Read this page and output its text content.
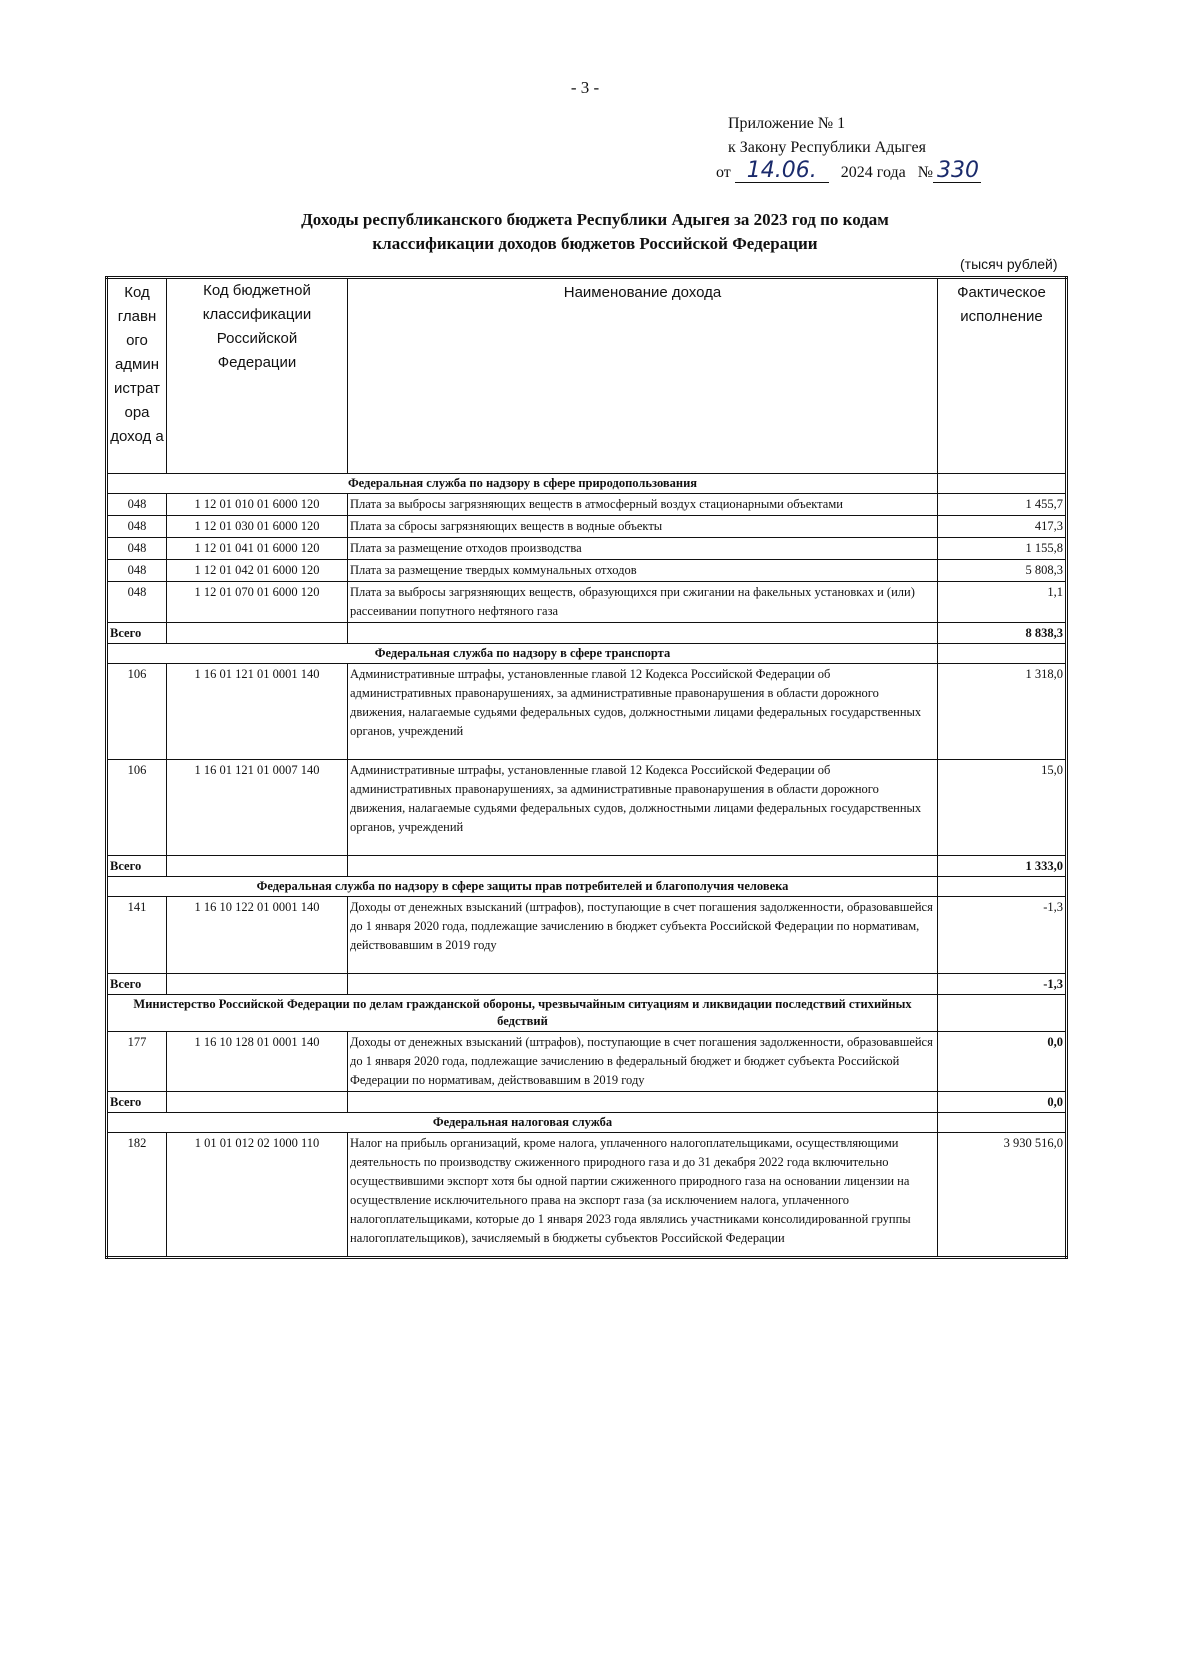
- 3 -
Приложение № 1
к Закону Республики Адыгея
от 14.06. 2024 года № 330
Доходы республиканского бюджета Республики Адыгея за 2023 год по кодам
классификации доходов бюджетов Российской Федерации
(тысяч рублей)
Код главн ого админ истрат ора доход а	Код бюджетной классификации Российской Федерации	Наименование дохода	Фактическое исполнение
Федеральная служба по надзору в сфере природопользования			
048	1 12 01 010 01 6000 120	Плата за выбросы загрязняющих веществ в атмосферный воздух стационарными объектами	1 455,7
048	1 12 01 030 01 6000 120	Плата за сбросы загрязняющих веществ в водные объекты	417,3
048	1 12 01 041 01 6000 120	Плата за размещение отходов производства	1 155,8
048	1 12 01 042 01 6000 120	Плата за размещение твердых коммунальных отходов	5 808,3
048	1 12 01 070 01 6000 120	Плата за выбросы загрязняющих веществ, образующихся при сжигании на факельных установках и (или) рассеивании попутного нефтяного газа	1,1
Всего			8 838,3
Федеральная служба по надзору в сфере транспорта			
106	1 16 01 121 01 0001 140	Административные штрафы, установленные главой 12 Кодекса Российской Федерации об административных правонарушениях, за административные правонарушения в области дорожного движения, налагаемые судьями федеральных судов, должностными лицами федеральных государственных органов, учреждений	1 318,0
106	1 16 01 121 01 0007 140	Административные штрафы, установленные главой 12 Кодекса Российской Федерации об административных правонарушениях, за административные правонарушения в области дорожного движения, налагаемые судьями федеральных судов, должностными лицами федеральных государственных органов, учреждений	15,0
Всего			1 333,0
Федеральная служба по надзору в сфере защиты прав потребителей и благополучия человека			
141	1 16 10 122 01 0001 140	Доходы от денежных взысканий (штрафов), поступающие в счет погашения задолженности, образовавшейся до 1 января 2020 года, подлежащие зачислению в бюджет субъекта Российской Федерации по нормативам, действовавшим в 2019 году	-1,3
Всего			-1,3
Министерство Российской Федерации по делам гражданской обороны, чрезвычайным ситуациям и ликвидации последствий стихийных бедствий			
177	1 16 10 128 01 0001 140	Доходы от денежных взысканий (штрафов), поступающие в счет погашения задолженности, образовавшейся до 1 января 2020 года, подлежащие зачислению в федеральный бюджет и бюджет субъекта Российской Федерации по нормативам, действовавшим в 2019 году	0,0
Всего			0,0
Федеральная налоговая служба			
182	1 01 01 012 02 1000 110	Налог на прибыль организаций, кроме налога, уплаченного налогоплательщиками, осуществляющими деятельность по производству сжиженного природного газа и до 31 декабря 2022 года включительно осуществившими экспорт хотя бы одной партии сжиженного природного газа на основании лицензии на осуществление исключительного права на экспорт газа (за исключением налога, уплаченного налогоплательщиками, которые до 1 января 2023 года являлись участниками консолидированной группы налогоплательщиков), зачисляемый в бюджеты субъектов Российской Федерации	3 930 516,0
